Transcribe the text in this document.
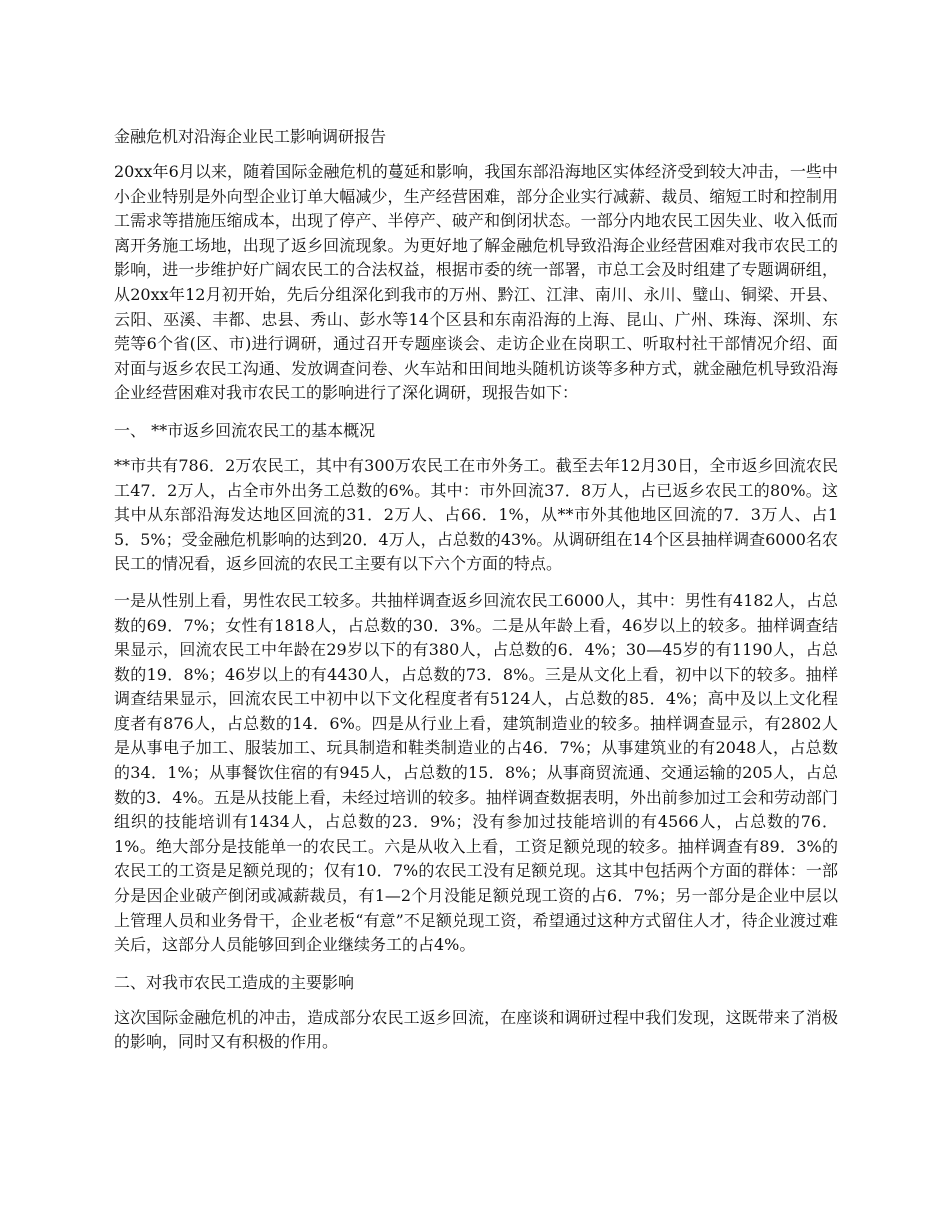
金融危机对沿海企业民工影响调研报告
20xx年6月以来，随着国际金融危机的蔓延和影响，我国东部沿海地区实体经济受到较大冲击，一些中小企业特别是外向型企业订单大幅减少，生产经营困难，部分企业实行减薪、裁员、缩短工时和控制用工需求等措施压缩成本，出现了停产、半停产、破产和倒闭状态。一部分内地农民工因失业、收入低而离开务施工场地，出现了返乡回流现象。为更好地了解金融危机导致沿海企业经营困难对我市农民工的影响，进一步维护好广阔农民工的合法权益，根据市委的统一部署，市总工会及时组建了专题调研组，从20xx年12月初开始，先后分组深化到我市的万州、黔江、江津、南川、永川、璧山、铜梁、开县、云阳、巫溪、丰都、忠县、秀山、彭水等14个区县和东南沿海的上海、昆山、广州、珠海、深圳、东莞等6个省(区、市)进行调研，通过召开专题座谈会、走访企业在岗职工、听取村社干部情况介绍、面对面与返乡农民工沟通、发放调查问卷、火车站和田间地头随机访谈等多种方式，就金融危机导致沿海企业经营困难对我市农民工的影响进行了深化调研，现报告如下：
一、 **市返乡回流农民工的基本概况
**市共有786．2万农民工，其中有300万农民工在市外务工。截至去年12月30日，全市返乡回流农民工47．2万人，占全市外出务工总数的6%。其中：市外回流37．8万人，占已返乡农民工的80%。这其中从东部沿海发达地区回流的31．2万人、占66．1%，从**市外其他地区回流的7．3万人、占15．5%；受金融危机影响的达到20．4万人，占总数的43%。从调研组在14个区县抽样调查6000名农民工的情况看，返乡回流的农民工主要有以下六个方面的特点。
一是从性别上看，男性农民工较多。共抽样调查返乡回流农民工6000人，其中：男性有4182人，占总数的69．7%；女性有1818人，占总数的30．3%。二是从年龄上看，46岁以上的较多。抽样调查结果显示，回流农民工中年龄在29岁以下的有380人，占总数的6．4%；30—45岁的有1190人，占总数的19．8%；46岁以上的有4430人，占总数的73．8%。三是从文化上看，初中以下的较多。抽样调查结果显示，回流农民工中初中以下文化程度者有5124人，占总数的85．4%；高中及以上文化程度者有876人，占总数的14．6%。四是从行业上看，建筑制造业的较多。抽样调查显示，有2802人是从事电子加工、服装加工、玩具制造和鞋类制造业的占46．7%；从事建筑业的有2048人，占总数的34．1%；从事餐饮住宿的有945人，占总数的15．8%；从事商贸流通、交通运输的205人，占总数的3．4%。五是从技能上看，未经过培训的较多。抽样调查数据表明，外出前参加过工会和劳动部门组织的技能培训有1434人，占总数的23．9%；没有参加过技能培训的有4566人，占总数的76．1%。绝大部分是技能单一的农民工。六是从收入上看，工资足额兑现的较多。抽样调查有89．3%的农民工的工资是足额兑现的；仅有10．7%的农民工没有足额兑现。这其中包括两个方面的群体：一部分是因企业破产倒闭或减薪裁员，有1—2个月没能足额兑现工资的占6．7%；另一部分是企业中层以上管理人员和业务骨干，企业老板“有意”不足额兑现工资，希望通过这种方式留住人才，待企业渡过难关后，这部分人员能够回到企业继续务工的占4%。
二、对我市农民工造成的主要影响
这次国际金融危机的冲击，造成部分农民工返乡回流，在座谈和调研过程中我们发现，这既带来了消极的影响，同时又有积极的作用。
